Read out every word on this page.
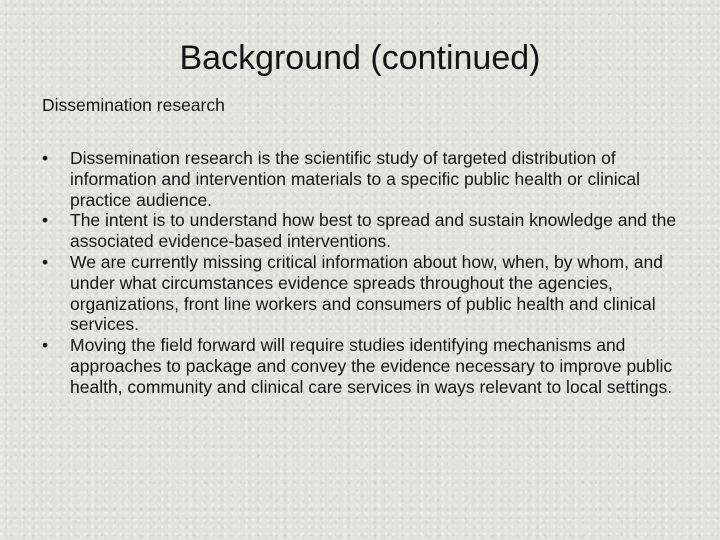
Background (continued)

Dissemination research

•	Dissemination research is the scientific study of targeted distribution of information and intervention materials to a specific public health or clinical practice audience.
•	The intent is to understand how best to spread and sustain knowledge and the associated evidence-based interventions.
•	We are currently missing critical information about how, when, by whom, and under what circumstances evidence spreads throughout the agencies, organizations, front line workers and consumers of public health and clinical services.
•	Moving the field forward will require studies identifying mechanisms and approaches to package and convey the evidence necessary to improve public health, community and clinical care services in ways relevant to local settings.
